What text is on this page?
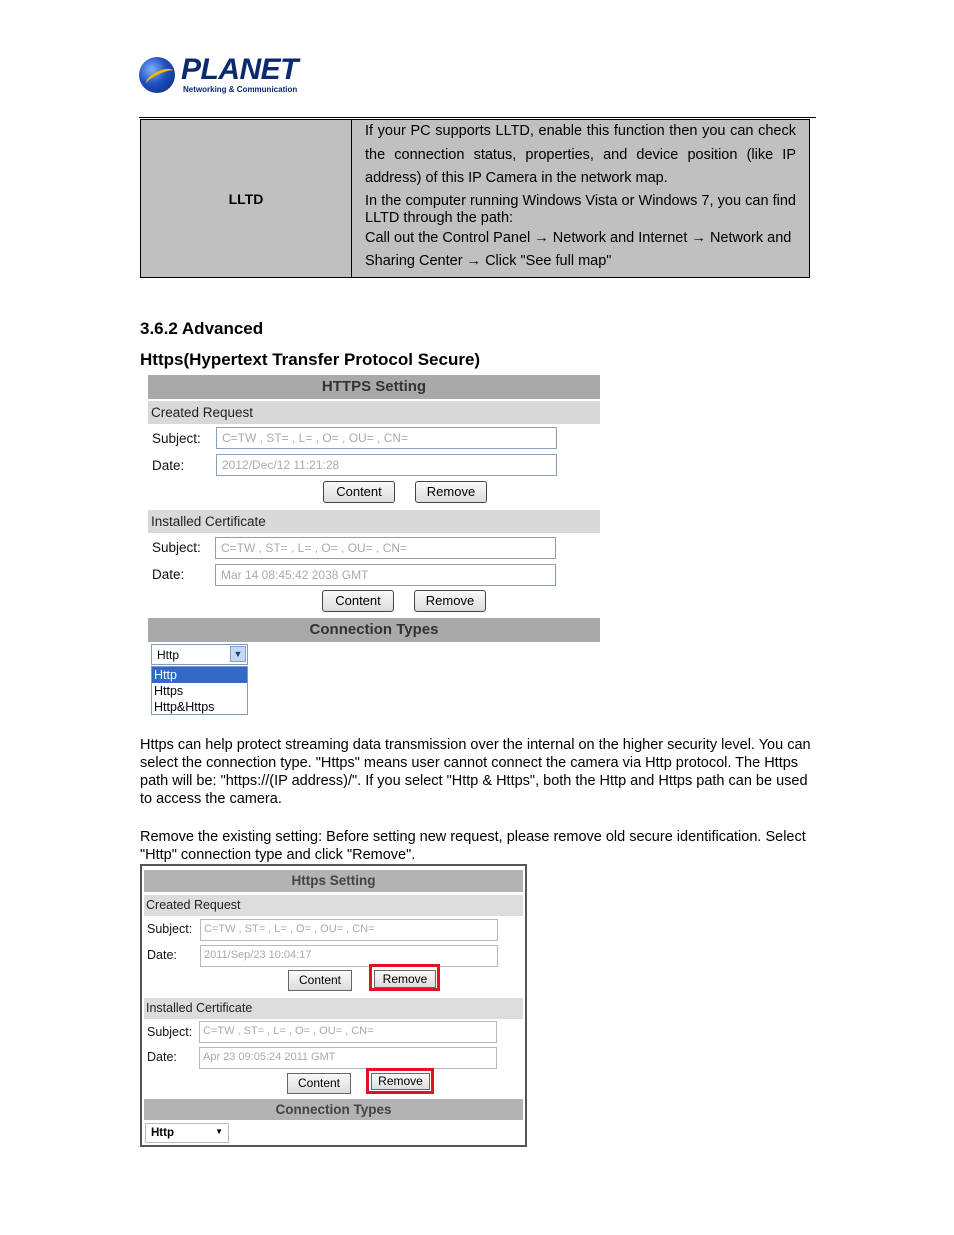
PLANET
Networking & Communication
LLTD

If your PC supports LLTD, enable this function then you can check the connection status, properties, and device position (like IP address) of this IP Camera in the network map.

In the computer running Windows Vista or Windows 7, you can find LLTD through the path:

Call out the Control Panel → Network and Internet → Network and Sharing Center → Click "See full map"

3.6.2 Advanced
Https(Hypertext Transfer Protocol Secure)
HTTPS Setting
Created Request
Subject:	C=TW , ST= , L= , O= , OU= , CN=
Date:	2012/Dec/12 11:21:28
Content	Remove
Installed Certificate
Subject:	C=TW , ST= , L= , O= , OU= , CN=
Date:	Mar 14 08:45:42 2038 GMT
Content	Remove
Connection Types
Http	▼
Http
Https
Http&Https

Https can help protect streaming data transmission over the internal on the higher security level. You can select the connection type. "Https" means user cannot connect the camera via Http protocol. The Https path will be: "https://(IP address)/". If you select "Http & Https", both the Http and Https path can be used to access the camera.

Remove the existing setting: Before setting new request, please remove old secure identification. Select "Http" connection type and click "Remove".

Https Setting
Created Request
Subject:	C=TW , ST= , L= , O= , OU= , CN=
Date:	2011/Sep/23 10:04:17
Content	Remove
Installed Certificate
Subject: C=TW , ST= , L= , O= , OU= , CN=
Date:	Apr 23 09:05:24 2011 GMT
Content	Remove
Connection Types
Http	▼
